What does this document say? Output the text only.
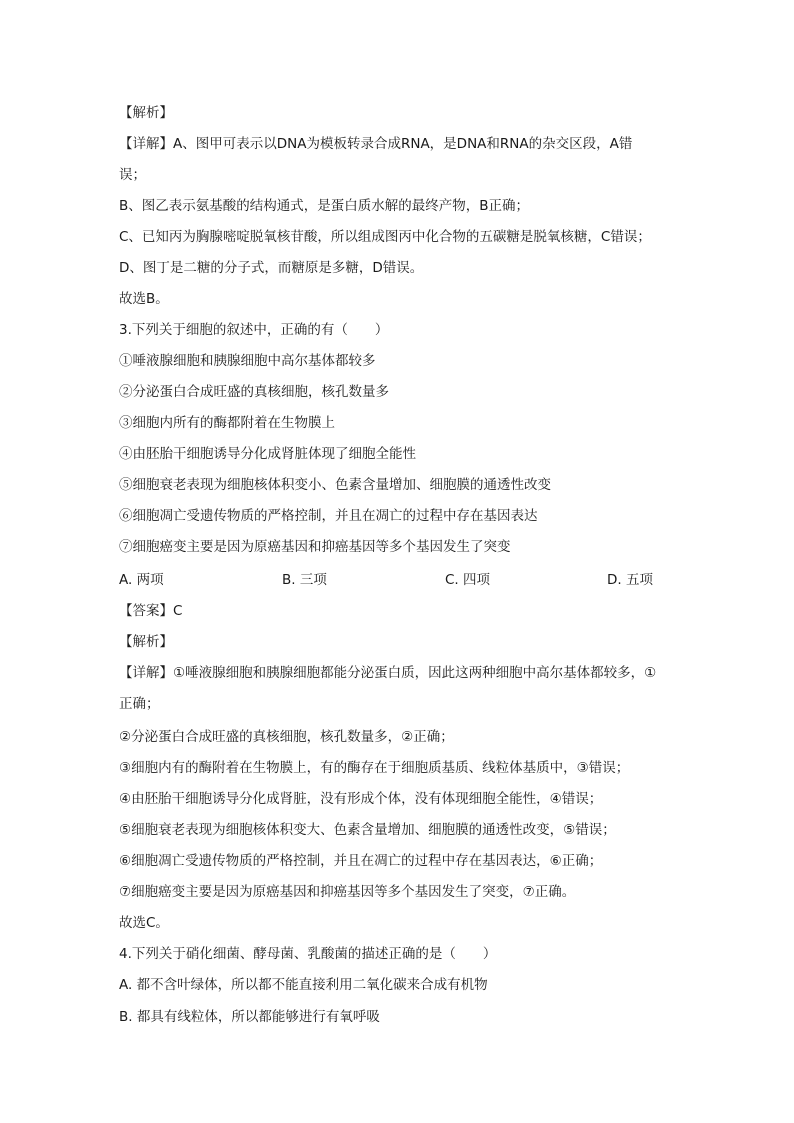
【解析】

【详解】A、图甲可表示以DNA为模板转录合成RNA，是DNA和RNA的杂交区段，A错

误；

B、图乙表示氨基酸的结构通式，是蛋白质水解的最终产物，B正确；

C、已知丙为胸腺嘧啶脱氧核苷酸，所以组成图丙中化合物的五碳糖是脱氧核糖，C错误；

D、图丁是二糖的分子式，而糖原是多糖，D错误。

故选B。

3.下列关于细胞的叙述中，正确的有（　　）

①唾液腺细胞和胰腺细胞中高尔基体都较多

②分泌蛋白合成旺盛的真核细胞，核孔数量多

③细胞内所有的酶都附着在生物膜上

④由胚胎干细胞诱导分化成肾脏体现了细胞全能性

⑤细胞衰老表现为细胞核体积变小、色素含量增加、细胞膜的通透性改变

⑥细胞凋亡受遗传物质的严格控制，并且在凋亡的过程中存在基因表达

⑦细胞癌变主要是因为原癌基因和抑癌基因等多个基因发生了突变

A. 两项	B. 三项	C. 四项	D. 五项

【答案】C

【解析】

【详解】①唾液腺细胞和胰腺细胞都能分泌蛋白质，因此这两种细胞中高尔基体都较多，①

正确；

②分泌蛋白合成旺盛的真核细胞，核孔数量多，②正确；

③细胞内有的酶附着在生物膜上，有的酶存在于细胞质基质、线粒体基质中，③错误；

④由胚胎干细胞诱导分化成肾脏，没有形成个体，没有体现细胞全能性，④错误；

⑤细胞衰老表现为细胞核体积变大、色素含量增加、细胞膜的通透性改变，⑤错误；

⑥细胞凋亡受遗传物质的严格控制，并且在凋亡的过程中存在基因表达，⑥正确；

⑦细胞癌变主要是因为原癌基因和抑癌基因等多个基因发生了突变，⑦正确。

故选C。

4.下列关于硝化细菌、酵母菌、乳酸菌的描述正确的是（　　）

A. 都不含叶绿体，所以都不能直接利用二氧化碳来合成有机物

B. 都具有线粒体，所以都能够进行有氧呼吸
